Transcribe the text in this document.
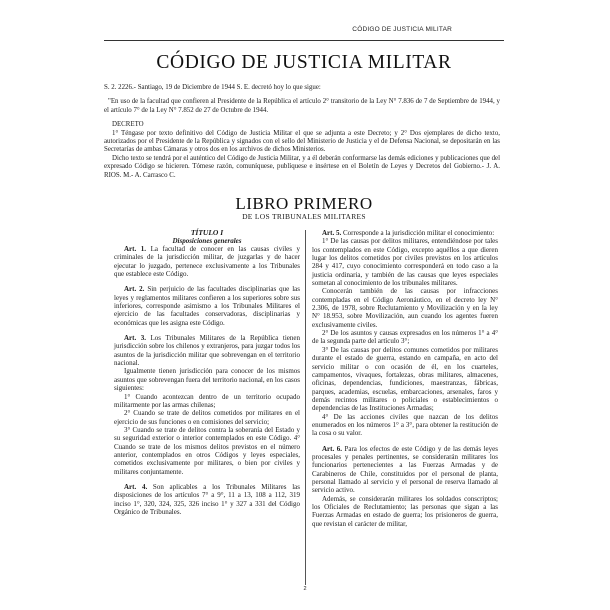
CÓDIGO DE JUSTICIA MILITAR
CÓDIGO DE JUSTICIA MILITAR

S. 2. 2226.- Santiago, 19 de Diciembre de 1944 S. E. decretó hoy lo que sigue:

"En uso de la facultad que confieren al Presidente de la República el artículo 2° transitorio de la Ley N° 7.836 de 7 de Septiembre de 1944, y el artículo 7° de la Ley N° 7.852 de 27 de Octubre de 1944.

DECRETO

1° Téngase por texto definitivo del Código de Justicia Militar el que se adjunta a este Decreto; y 2° Dos ejemplares de dicho texto, autorizados por el Presidente de la República y signados con el sello del Ministerio de Justicia y el de Defensa Nacional, se depositarán en las Secretarías de ambas Cámaras y otros dos en los archivos de dichos Ministerios.

Dicho texto se tendrá por el auténtico del Código de Justicia Militar, y a él deberán conformarse las demás ediciones y publicaciones que del expresado Código se hicieren. Tómese razón, comuníquese, publíquese e insértese en el Boletín de Leyes y Decretos del Gobierno.- J. A. RIOS. M.- A. Carrasco C.

LIBRO PRIMERO
DE LOS TRIBUNALES MILITARES

TÍTULO I

Disposiciones generales

Art. 1. La facultad de conocer en las causas civiles y criminales de la jurisdicción militar, de juzgarlas y de hacer ejecutar lo juzgado, pertenece exclusivamente a los Tribunales que establece este Código.

Art. 2. Sin perjuicio de las facultades disciplinarias que las leyes y reglamentos militares confieren a los superiores sobre sus inferiores, corresponde asimismo a los Tribunales Militares el ejercicio de las facultades conservadoras, disciplinarias y económicas que les asigna este Código.

Art. 3. Los Tribunales Militares de la República tienen jurisdicción sobre los chilenos y extranjeros, para juzgar todos los asuntos de la jurisdicción militar que sobrevengan en el territorio nacional.

Igualmente tienen jurisdicción para conocer de los mismos asuntos que sobrevengan fuera del territorio nacional, en los casos siguientes:

1° Cuando acontezcan dentro de un territorio ocupado militarmente por las armas chilenas;

2° Cuando se trate de delitos cometidos por militares en el ejercicio de sus funciones o en comisiones del servicio;

3° Cuando se trate de delitos contra la soberanía del Estado y su seguridad exterior o interior contemplados en este Código. 4° Cuando se trate de los mismos delitos previstos en el número anterior, contemplados en otros Códigos y leyes especiales, cometidos exclusivamente por militares, o bien por civiles y militares conjuntamente.

Art. 4. Son aplicables a los Tribunales Militares las disposiciones de los artículos 7° a 9°, 11 a 13, 108 a 112, 319 inciso 1°, 320, 324, 325, 326 inciso 1° y 327 a 331 del Código Orgánico de Tribunales.

Art. 5. Corresponde a la jurisdicción militar el conocimiento:

1° De las causas por delitos militares, entendiéndose por tales los contemplados en este Código, excepto aquéllos a que dieren lugar los delitos cometidos por civiles previstos en los artículos 284 y 417, cuyo conocimiento corresponderá en todo caso a la justicia ordinaria, y también de las causas que leyes especiales sometan al conocimiento de los tribunales militares.

Conocerán también de las causas por infracciones contempladas en el Código Aeronáutico, en el decreto ley N° 2.306, de 1978, sobre Reclutamiento y Movilización y en la ley N° 18.953, sobre Movilización, aun cuando los agentes fueren exclusivamente civiles.

2° De los asuntos y causas expresados en los números 1° a 4° de la segunda parte del artículo 3°;

3° De las causas por delitos comunes cometidos por militares durante el estado de guerra, estando en campaña, en acto del servicio militar o con ocasión de él, en los cuarteles, campamentos, vivaques, fortalezas, obras militares, almacenes, oficinas, dependencias, fundiciones, maestranzas, fábricas, parques, academias, escuelas, embarcaciones, arsenales, faros y demás recintos militares o policiales o establecimientos o dependencias de las Instituciones Armadas;

4° De las acciones civiles que nazcan de los delitos enumerados en los números 1° a 3°, para obtener la restitución de la cosa o su valor.

Art. 6. Para los efectos de este Código y de las demás leyes procesales y penales pertinentes, se considerarán militares los funcionarios pertenecientes a las Fuerzas Armadas y de Carabineros de Chile, constituidos por el personal de planta, personal llamado al servicio y el personal de reserva llamado al servicio activo.

Además, se considerarán militares los soldados conscriptos; los Oficiales de Reclutamiento; las personas que sigan a las Fuerzas Armadas en estado de guerra; los prisioneros de guerra, que revistan el carácter de militar,

2
